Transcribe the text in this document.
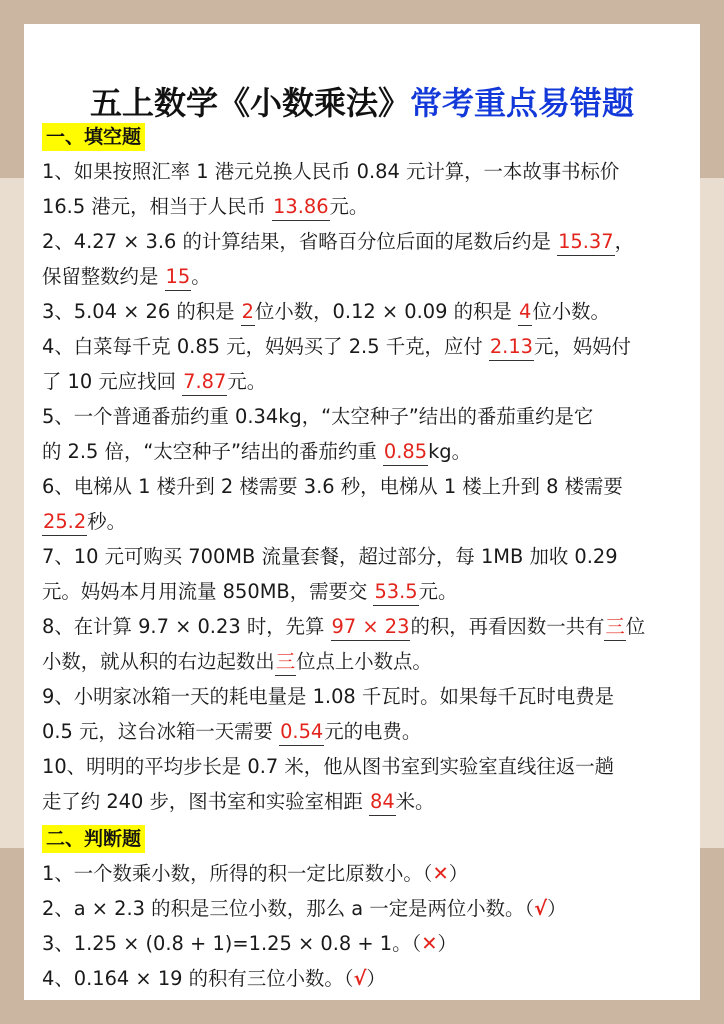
五上数学《小数乘法》常考重点易错题
一、填空题
1、如果按照汇率 1 港元兑换人民币 0.84 元计算，一本故事书标价
16.5 港元，相当于人民币 13.86元。
2、4.27 × 3.6 的计算结果，省略百分位后面的尾数后约是 15.37，
保留整数约是 15。
3、5.04 × 26 的积是 2位小数，0.12 × 0.09 的积是 4位小数。
4、白菜每千克 0.85 元，妈妈买了 2.5 千克，应付 2.13元，妈妈付
了 10 元应找回 7.87元。
5、一个普通番茄约重 0.34kg，“太空种子”结出的番茄重约是它
的 2.5 倍，“太空种子”结出的番茄约重 0.85kg。
6、电梯从 1 楼升到 2 楼需要 3.6 秒，电梯从 1 楼上升到 8 楼需要
25.2秒。
7、10 元可购买 700MB 流量套餐，超过部分，每 1MB 加收 0.29
元。妈妈本月用流量 850MB，需要交 53.5元。
8、在计算 9.7 × 0.23 时，先算 97 × 23的积，再看因数一共有三位
小数，就从积的右边起数出三位点上小数点。
9、小明家冰箱一天的耗电量是 1.08 千瓦时。如果每千瓦时电费是
0.5 元，这台冰箱一天需要 0.54元的电费。
10、明明的平均步长是 0.7 米，他从图书室到实验室直线往返一趟
走了约 240 步，图书室和实验室相距 84米。
二、判断题
1、一个数乘小数，所得的积一定比原数小。（✕）
2、a × 2.3 的积是三位小数，那么 a 一定是两位小数。（√）
3、1.25 × (0.8 + 1)=1.25 × 0.8 + 1。（✕）
4、0.164 × 19 的积有三位小数。（√）
